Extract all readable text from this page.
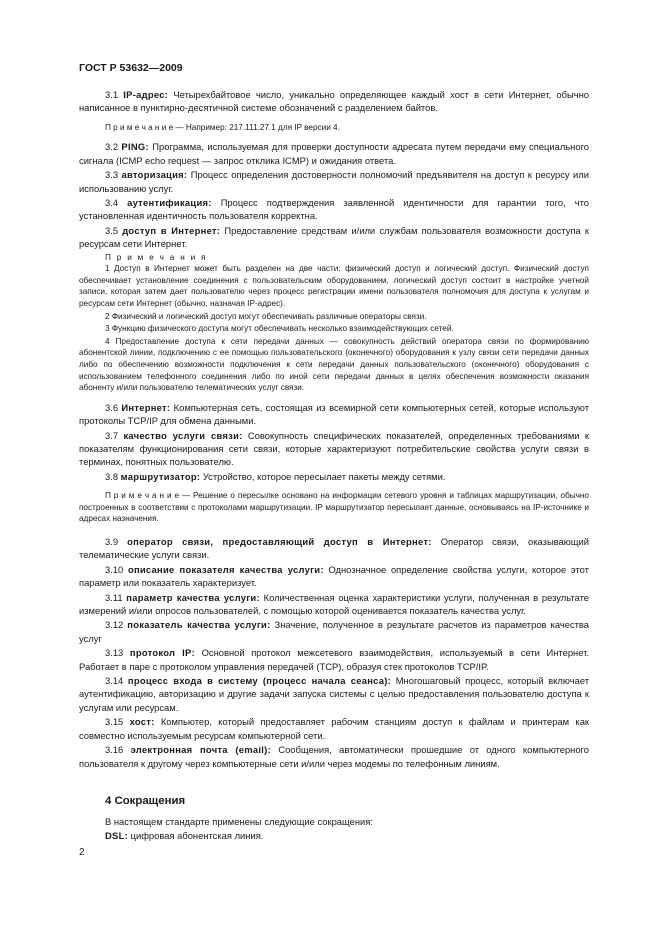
ГОСТ Р 53632—2009

3.1 IP-адрес: Четырехбайтовое число, уникально определяющее каждый хост в сети Интернет, обычно написанное в пунктирно-десятичной системе обозначений с разделением байтов.

П р и м е ч а н и е — Например: 217.111.27.1 для IP версии 4.

3.2 PING: Программа, используемая для проверки доступности адресата путем передачи ему специального сигнала (ICMP echo request — запрос отклика ICMP) и ожидания ответа.

3.3 авторизация: Процесс определения достоверности полномочий предъявителя на доступ к ресурсу или использованию услуг.

3.4 аутентификация: Процесс подтверждения заявленной идентичности для гарантии того, что установленная идентичность пользователя корректна.

3.5 доступ в Интернет: Предоставление средствам и/или службам пользователя возможности доступа к ресурсам сети Интернет.

П р и м е ч а н и я

1 Доступ в Интернет может быть разделен на две части: физический доступ и логический доступ. Физический доступ обеспечивает установление соединения с пользовательским оборудованием, логический доступ состоит в настройке учетной записи, которая затем дает пользователю через процесс регистрации имени пользователя полномочия для доступа к услугам и ресурсам сети Интернет (обычно, назначая IP-адрес).

2 Физический и логический доступ могут обеспечивать различные операторы связи.

3 Функцию физического доступа могут обеспечивать несколько взаимодействующих сетей.

4 Предоставление доступа к сети передачи данных — совокупность действий оператора связи по формированию абонентской линии, подключению с ее помощью пользовательского (оконечного) оборудования к узлу связи сети передачи данных либо по обеспечению возможности подключения к сети передачи данных пользовательского (оконечного) оборудования с использованием телефонного соединения либо по иной сети передачи данных в целях обеспечения возможности оказания абоненту и/или пользователю телематических услуг связи.

3.6 Интернет: Компьютерная сеть, состоящая из всемирной сети компьютерных сетей, которые используют протоколы TCP/IP для обмена данными.

3.7 качество услуги связи: Совокупность специфических показателей, определенных требованиями к показателям функционирования сети связи, которые характеризуют потребительские свойства услуги связи в терминах, понятных пользователю.

3.8 маршрутизатор: Устройство, которое пересылает пакеты между сетями.

П р и м е ч а н и е — Решение о пересылке основано на информации сетевого уровня и таблицах маршрутизации, обычно построенных в соответствии с протоколами маршрутизации. IP маршрутизатор пересылает данные, основываясь на IP-источнике и адресах назначения.

3.9 оператор связи, предоставляющий доступ в Интернет: Оператор связи, оказывающий телематические услуги связи.

3.10 описание показателя качества услуги: Однозначное определение свойства услуги, которое этот параметр или показатель характеризует.

3.11 параметр качества услуги: Количественная оценка характеристики услуги, полученная в результате измерений и/или опросов пользователей, с помощью которой оценивается показатель качества услуг.

3.12 показатель качества услуги: Значение, полученное в результате расчетов из параметров качества услуг

3.13 протокол IP: Основной протокол межсетевого взаимодействия, используемый в сети Интернет. Работает в паре с протоколом управления передачей (TCP), образуя стек протоколов TCP/IP.

3.14 процесс входа в систему (процесс начала сеанса): Многошаговый процесс, который включает аутентификацию, авторизацию и другие задачи запуска системы с целью предоставления пользователю доступа к услугам или ресурсам.

3.15 хост: Компьютер, который предоставляет рабочим станциям доступ к файлам и принтерам как совместно используемым ресурсам компьютерной сети.

3.16 электронная почта (email): Сообщения, автоматически прошедшие от одного компьютерного пользователя к другому через компьютерные сети и/или через модемы по телефонным линиям.

4 Сокращения

В настоящем стандарте применены следующие сокращения:

DSL: цифровая абонентская линия.

2
